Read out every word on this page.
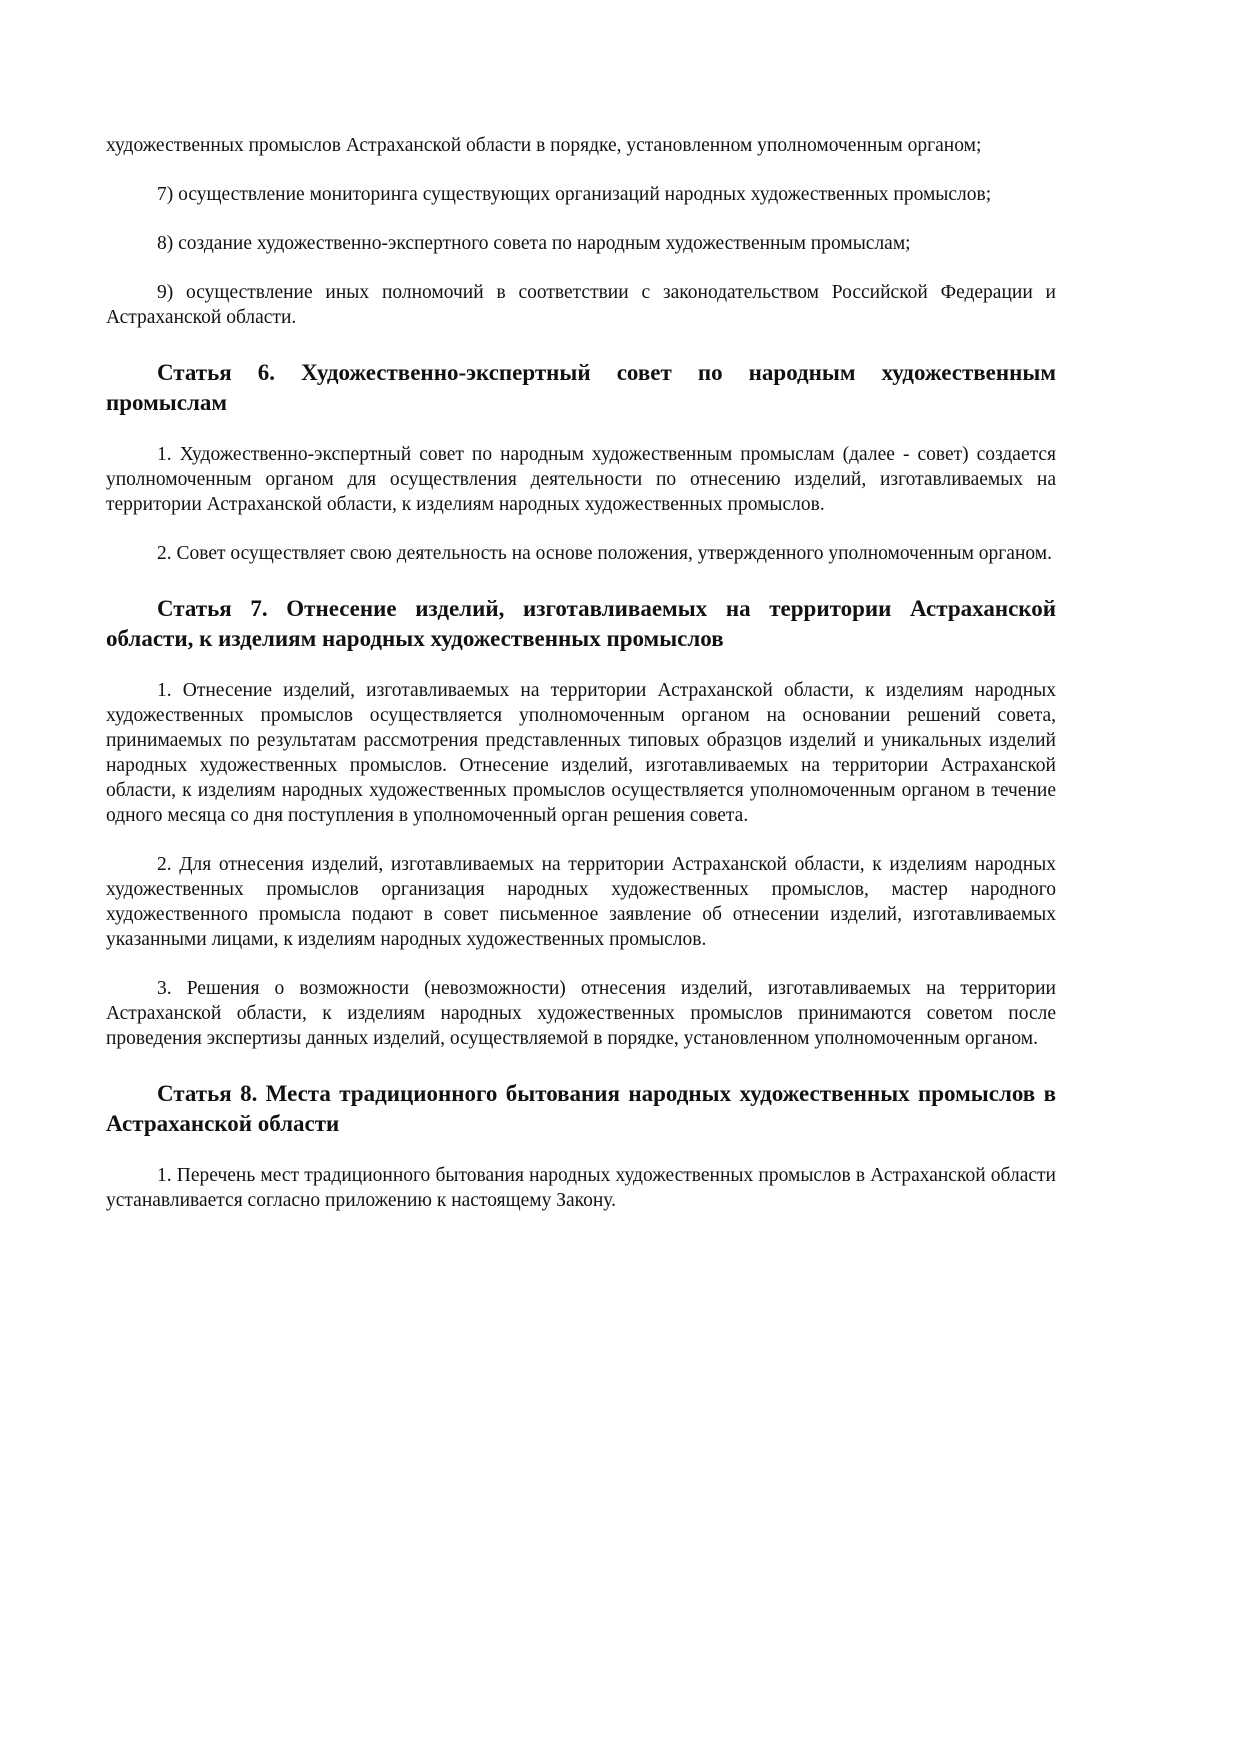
художественных промыслов Астраханской области в порядке, установленном уполномоченным органом;

7) осуществление мониторинга существующих организаций народных художественных промыслов;

8) создание художественно-экспертного совета по народным художественным промыслам;

9) осуществление иных полномочий в соответствии с законодательством Российской Федерации и Астраханской области.

Статья 6. Художественно-экспертный совет по народным художественным промыслам

1. Художественно-экспертный совет по народным художественным промыслам (далее - совет) создается уполномоченным органом для осуществления деятельности по отнесению изделий, изготавливаемых на территории Астраханской области, к изделиям народных художественных промыслов.

2. Совет осуществляет свою деятельность на основе положения, утвержденного уполномоченным органом.

Статья 7. Отнесение изделий, изготавливаемых на территории Астраханской области, к изделиям народных художественных промыслов

1. Отнесение изделий, изготавливаемых на территории Астраханской области, к изделиям народных художественных промыслов осуществляется уполномоченным органом на основании решений совета, принимаемых по результатам рассмотрения представленных типовых образцов изделий и уникальных изделий народных художественных промыслов. Отнесение изделий, изготавливаемых на территории Астраханской области, к изделиям народных художественных промыслов осуществляется уполномоченным органом в течение одного месяца со дня поступления в уполномоченный орган решения совета.

2. Для отнесения изделий, изготавливаемых на территории Астраханской области, к изделиям народных художественных промыслов организация народных художественных промыслов, мастер народного художественного промысла подают в совет письменное заявление об отнесении изделий, изготавливаемых указанными лицами, к изделиям народных художественных промыслов.

3. Решения о возможности (невозможности) отнесения изделий, изготавливаемых на территории Астраханской области, к изделиям народных художественных промыслов принимаются советом после проведения экспертизы данных изделий, осуществляемой в порядке, установленном уполномоченным органом.

Статья 8. Места традиционного бытования народных художественных промыслов в Астраханской области

1. Перечень мест традиционного бытования народных художественных промыслов в Астраханской области устанавливается согласно приложению к настоящему Закону.
